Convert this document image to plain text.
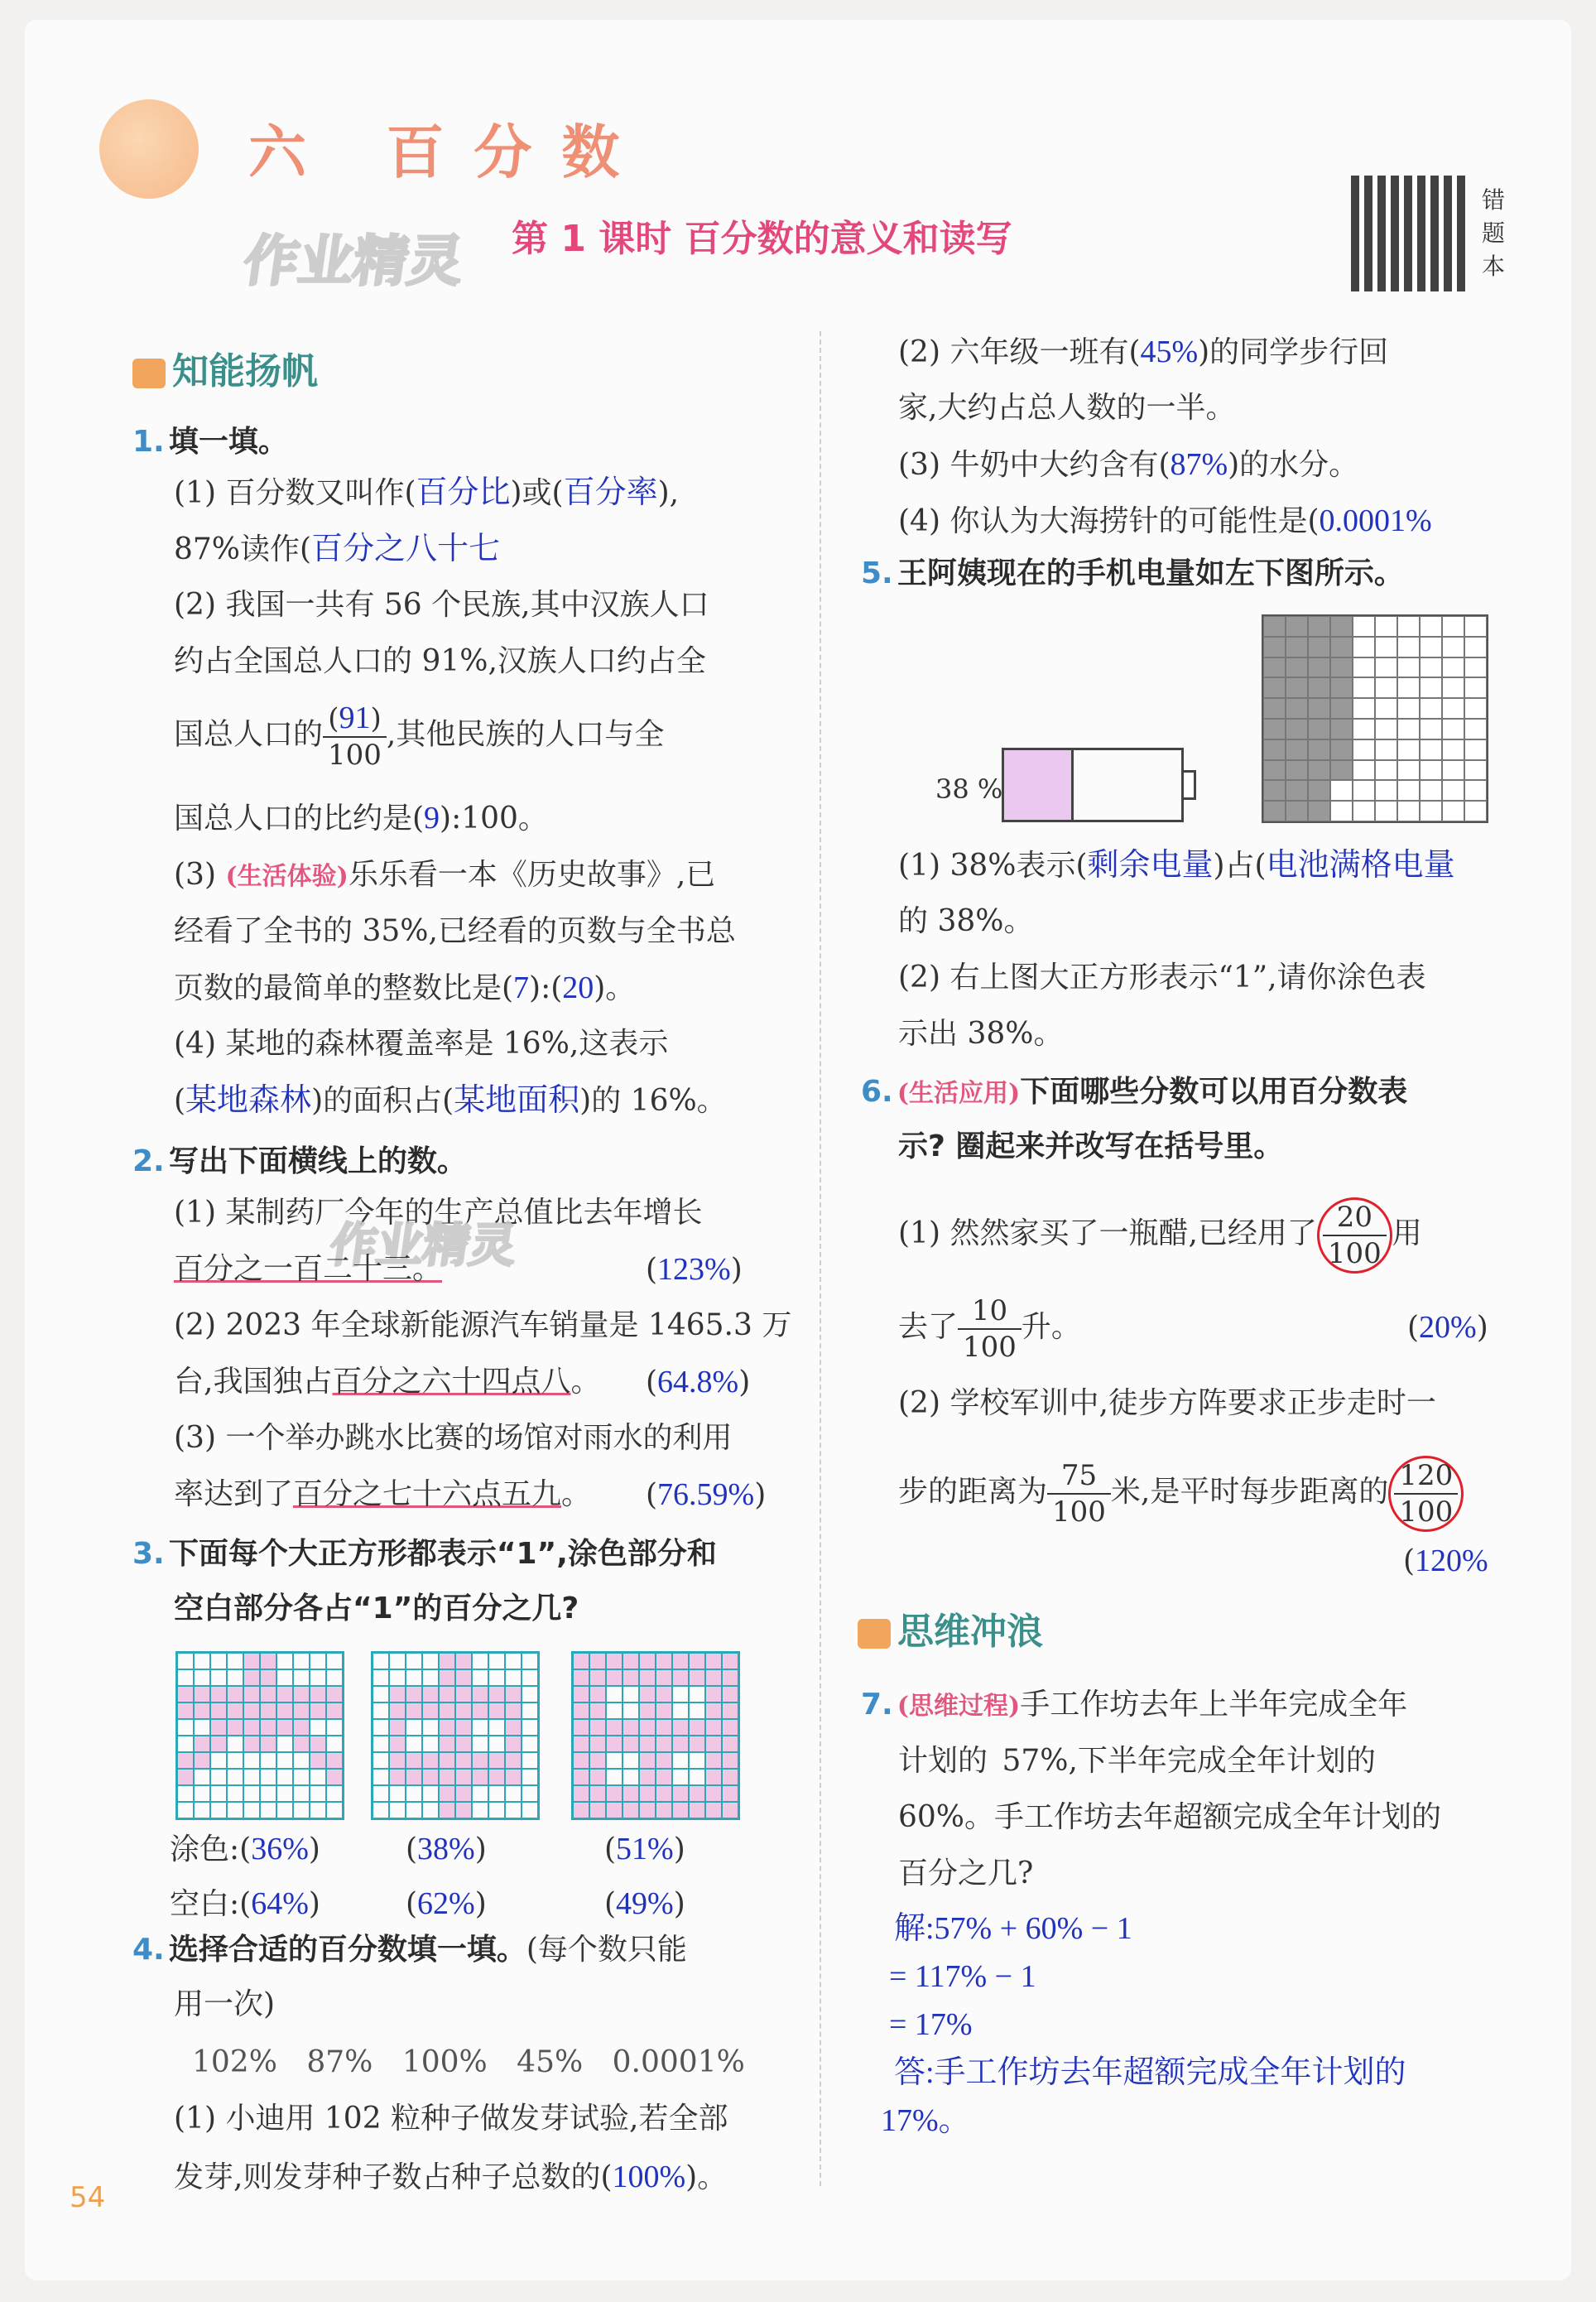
六 百分数
作业精灵 第 1 课时 百分数的意义和读写
错题本
知能扬帆
1. 填一填。
(1) 百分数又叫作(百分比)或(百分率),
87%读作(百分之八十七
(2) 我国一共有 56 个民族,其中汉族人口
约占全国总人口的 91%,汉族人口约占全
国总人口的 $\frac{(91)}{100}$ ,其他民族的人口与全
国总人口的比约是(9):100。
(3) (生活体验)乐乐看一本《历史故事》,已
经看了全书的 35%,已经看的页数与全书总
页数的最简单的整数比是(7):(20)。
(4) 某地的森林覆盖率是 16%,这表示
(某地森林)的面积占(某地面积)的 16%。
2. 写出下面横线上的数。
(1) 某制药厂今年的生产总值比去年增长
作业精灵
百分之一百二十三。	(123%)
(2) 2023 年全球新能源汽车销量是 1465.3 万
台,我国独占百分之六十四点八。 (64.8%)
(3) 一个举办跳水比赛的场馆对雨水的利用
率达到了百分之七十六点五九。 (76.59%)
3. 下面每个大正方形都表示“1”,涂色部分和
空白部分各占“1”的百分之几?
涂色:(36%)	(38%)	(51%)
空白:(64%)	(62%)	(49%)
4. 选择合适的百分数填一填。(每个数只能
用一次)
102% 87% 100% 45% 0.0001%
(1) 小迪用 102 粒种子做发芽试验,若全部
发芽,则发芽种子数占种子总数的(100%)。
54
(2) 六年级一班有(45%)的同学步行回
家,大约占总人数的一半。
(3) 牛奶中大约含有(87%)的水分。
(4) 你认为大海捞针的可能性是(0.0001%
5. 王阿姨现在的手机电量如左下图所示。
38 %
(1) 38%表示(剩余电量)占(电池满格电量
的 38%。
(2) 右上图大正方形表示“1”,请你涂色表
示出 38%。
6. (生活应用)下面哪些分数可以用百分数表
示? 圈起来并改写在括号里。
(1) 然然家买了一瓶醋,已经用了 $\frac{20}{100}$ 用
去了 $\frac{10}{100}$ 升。	(20%)
(2) 学校军训中,徒步方阵要求正步走时一
步的距离为 $\frac{75}{100}$ 米,是平时每步距离的 $\frac{120}{100}$
(120%
思维冲浪
7. (思维过程)手工作坊去年上半年完成全年
计划的 57%,下半年完成全年计划的
60%。手工作坊去年超额完成全年计划的
百分之几?
解:57% + 60% − 1
= 117% − 1
= 17%
答:手工作坊去年超额完成全年计划的
17%。
